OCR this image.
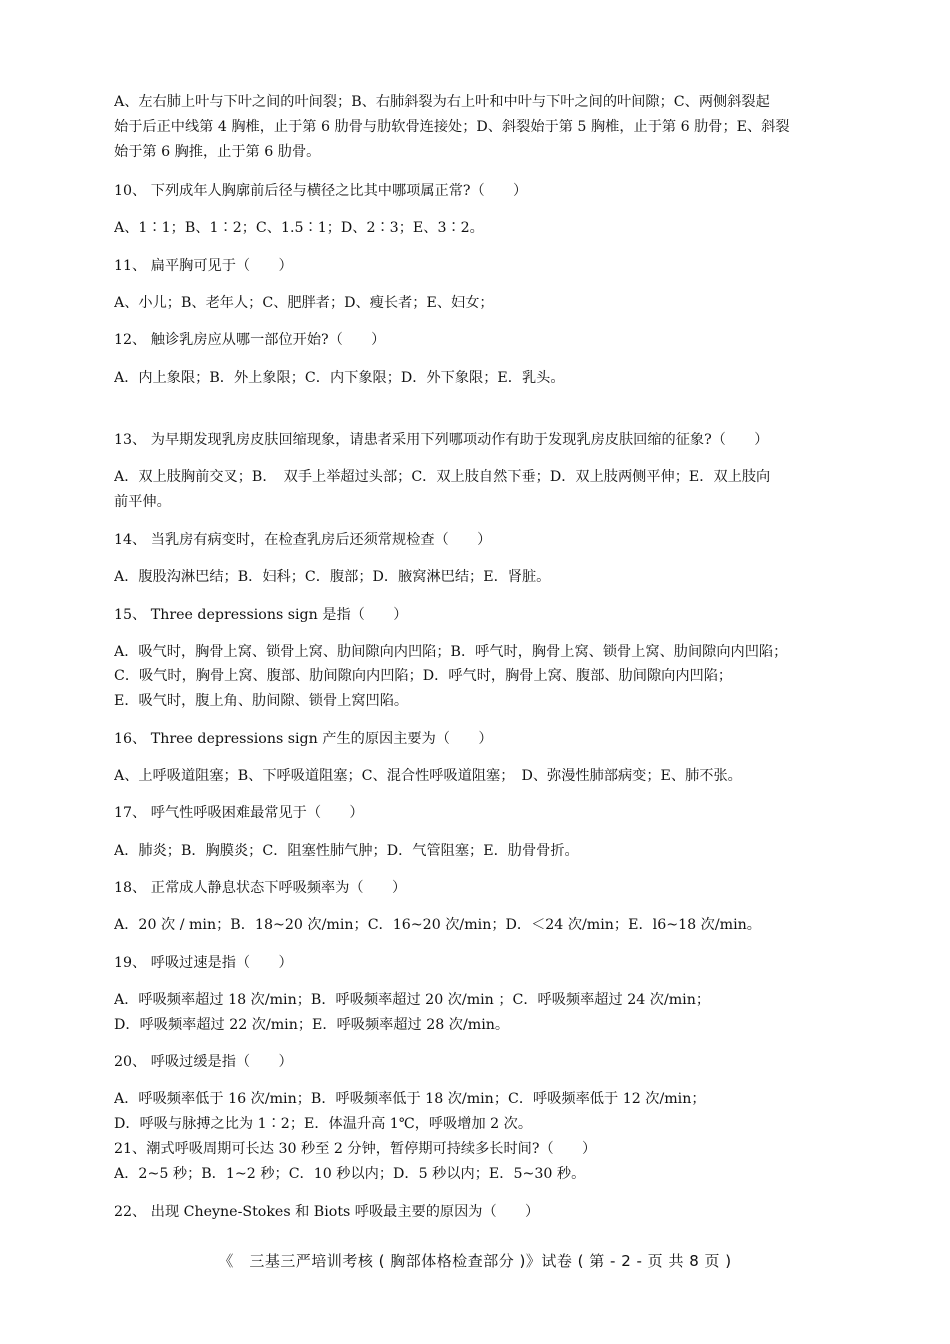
A、左右肺上叶与下叶之间的叶间裂；B、右肺斜裂为右上叶和中叶与下叶之间的叶间隙；C、两侧斜裂起
始于后正中线第 4 胸椎，止于第 6 肋骨与肋软骨连接处；D、斜裂始于第 5 胸椎，止于第 6 肋骨；E、斜裂
始于第 6 胸推，止于第 6 肋骨。
10、 下列成年人胸廓前后径与横径之比其中哪项属正常?（　　）
A、1∶1；B、1∶2；C、1.5∶1；D、2∶3；E、3∶2。
11、 扁平胸可见于（　　）
A、小儿；B、老年人；C、肥胖者；D、瘦长者；E、妇女；
12、 触诊乳房应从哪一部位开始?（　　）
A．内上象限；B．外上象限；C．内下象限；D．外下象限；E．乳头。
13、 为早期发现乳房皮肤回缩现象，请患者采用下列哪项动作有助于发现乳房皮肤回缩的征象?（　　）
A．双上肢胸前交叉；B．　双手上举超过头部；C．双上肢自然下垂；D．双上肢两侧平伸；E．双上肢向
前平伸。
14、 当乳房有病变时，在检查乳房后还须常规检查（　　）
A．腹股沟淋巴结；B．妇科；C．腹部；D．腋窝淋巴结；E．肾脏。
15、 Three depressions sign 是指（　　）
A．吸气时，胸骨上窝、锁骨上窝、肋间隙向内凹陷；B．呼气时，胸骨上窝、锁骨上窝、肋间隙向内凹陷；
C．吸气时，胸骨上窝、腹部、肋间隙向内凹陷；D．呼气时，胸骨上窝、腹部、肋间隙向内凹陷；
E．吸气时，腹上角、肋间隙、锁骨上窝凹陷。
16、 Three depressions sign 产生的原因主要为（　　）
A、上呼吸道阻塞；B、下呼吸道阻塞；C、混合性呼吸道阻塞；　D、弥漫性肺部病变；E、肺不张。
17、 呼气性呼吸困难最常见于（　　）
A．肺炎；B．胸膜炎；C．阻塞性肺气肿；D．气管阻塞；E．肋骨骨折。
18、 正常成人静息状态下呼吸频率为（　　）
A．20 次 / min；B．18~20 次/min；C．16~20 次/min；D．＜24 次/min；E．l6~18 次/min。
19、 呼吸过速是指（　　）
A．呼吸频率超过 18 次/min；B．呼吸频率超过 20 次/min ；C．呼吸频率超过 24 次/min；
D．呼吸频率超过 22 次/min；E．呼吸频率超过 28 次/min。
20、 呼吸过缓是指（　　）
A．呼吸频率低于 16 次/min；B．呼吸频率低于 18 次/min；C．呼吸频率低于 12 次/min；
D．呼吸与脉搏之比为 1∶2；E．体温升高 1℃，呼吸增加 2 次。
21、潮式呼吸周期可长达 30 秒至 2 分钟，暂停期可持续多长时间?（　　）
A．2~5 秒；B．1~2 秒；C．10 秒以内；D．5 秒以内；E．5~30 秒。
22、 出现 Cheyne-Stokes 和 Biots 呼吸最主要的原因为（　　）
《　三基三严培训考核 ( 胸部体格检查部分 )》试卷 ( 第 - 2 - 页 共 8 页 )
